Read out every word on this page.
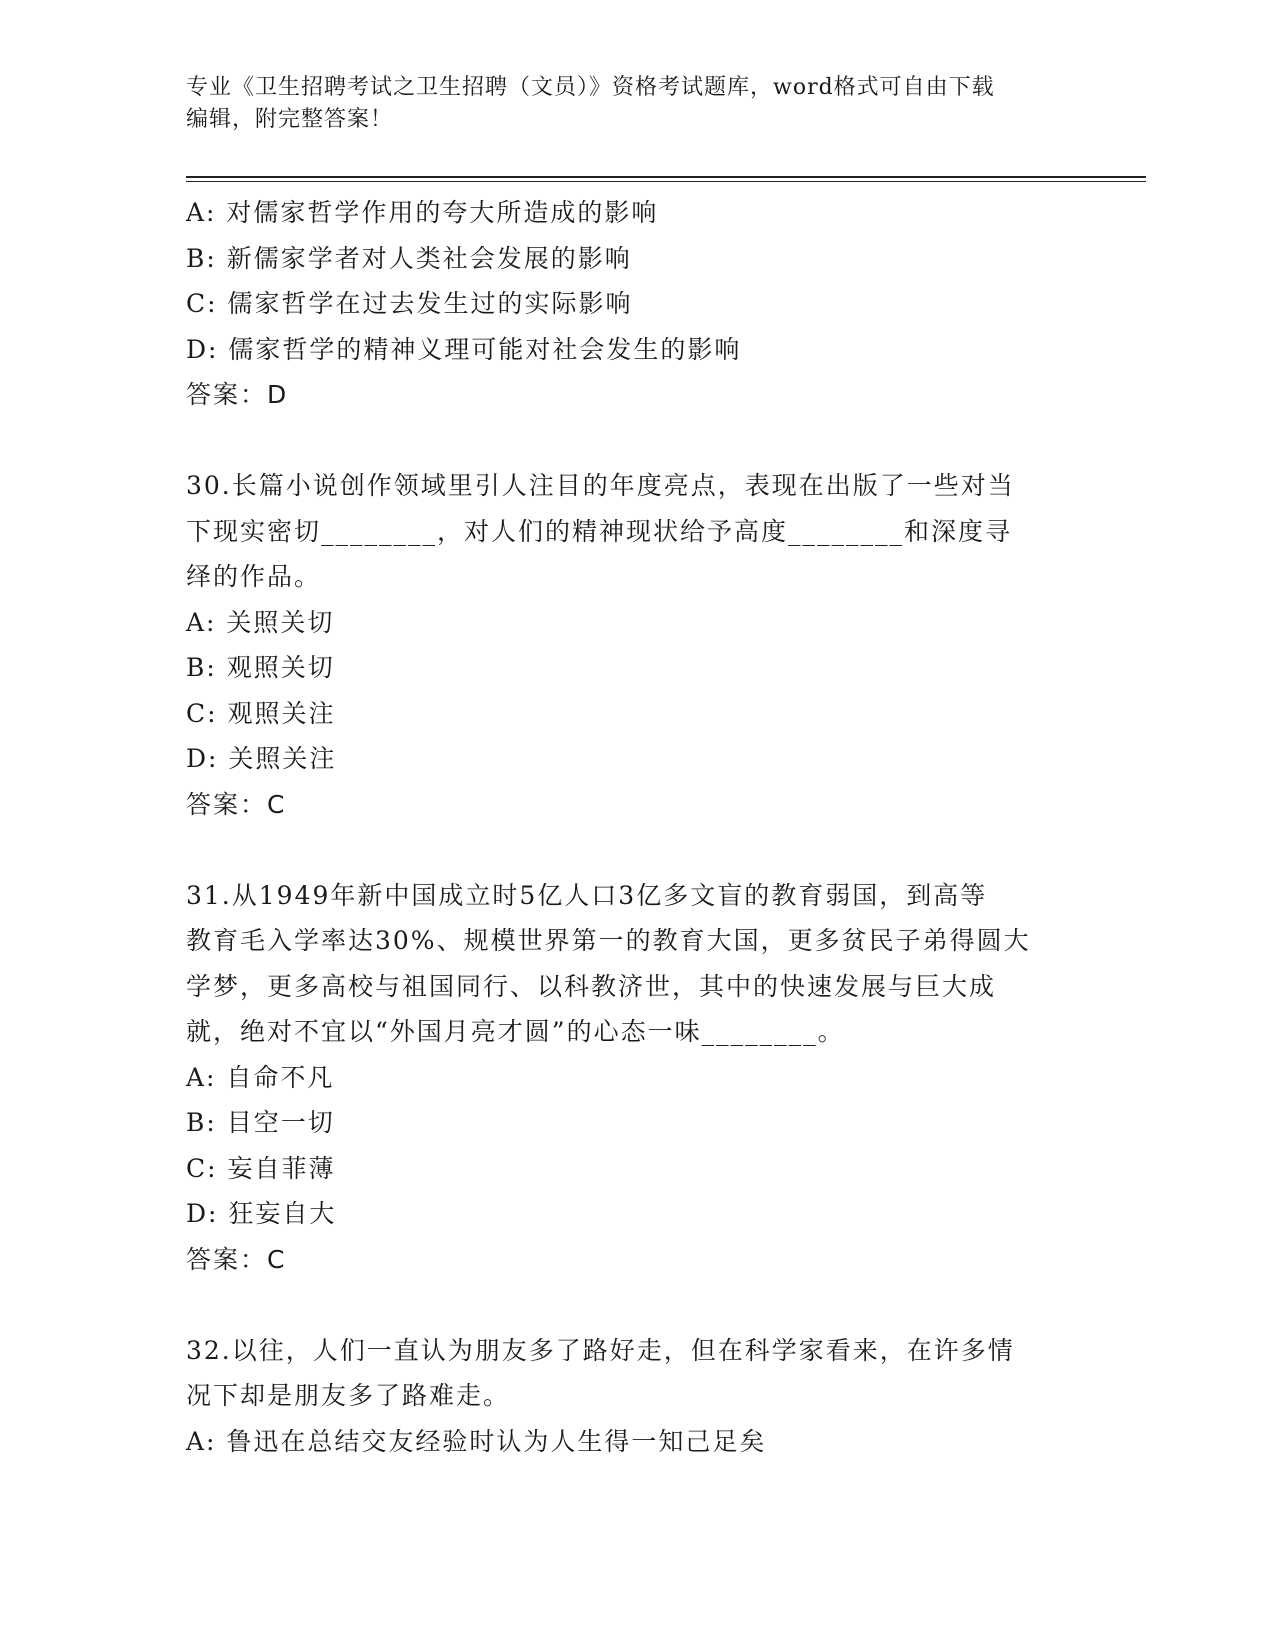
专业《卫生招聘考试之卫生招聘（文员）》资格考试题库，word格式可自由下载
编辑，附完整答案！
A: 对儒家哲学作用的夸大所造成的影响
B: 新儒家学者对人类社会发展的影响
C: 儒家哲学在过去发生过的实际影响
D: 儒家哲学的精神义理可能对社会发生的影响
答案：D
30.长篇小说创作领域里引人注目的年度亮点，表现在出版了一些对当
下现实密切________，对人们的精神现状给予高度________和深度寻
绎的作品。
A: 关照关切
B: 观照关切
C: 观照关注
D: 关照关注
答案：C
31.从1949年新中国成立时5亿人口3亿多文盲的教育弱国，到高等
教育毛入学率达30%、规模世界第一的教育大国，更多贫民子弟得圆大
学梦，更多高校与祖国同行、以科教济世，其中的快速发展与巨大成
就，绝对不宜以“外国月亮才圆”的心态一味________。
A: 自命不凡
B: 目空一切
C: 妄自菲薄
D: 狂妄自大
答案：C
32.以往，人们一直认为朋友多了路好走，但在科学家看来，在许多情
况下却是朋友多了路难走。
A: 鲁迅在总结交友经验时认为人生得一知己足矣
